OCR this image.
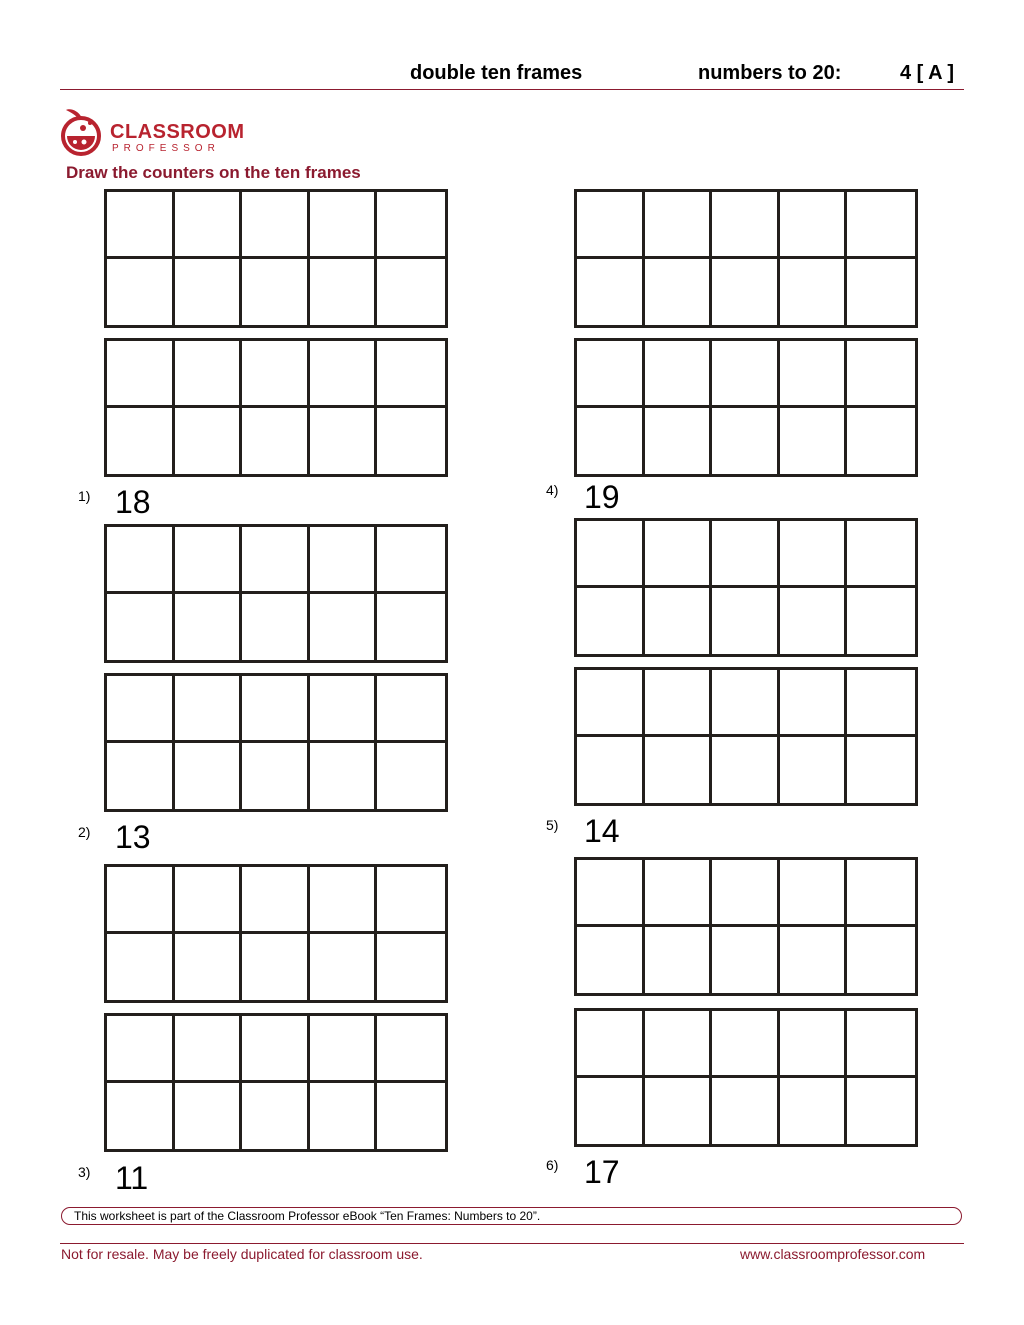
double ten frames	numbers to 20:	4 [ A ]
CLASSROOM
PROFESSOR
Draw the counters on the ten frames
1) 18
2) 13
3) 11
4) 19
5) 14
6) 17
This worksheet is part of the Classroom Professor eBook “Ten Frames: Numbers to 20”.
Not for resale. May be freely duplicated for classroom use.	www.classroomprofessor.com
